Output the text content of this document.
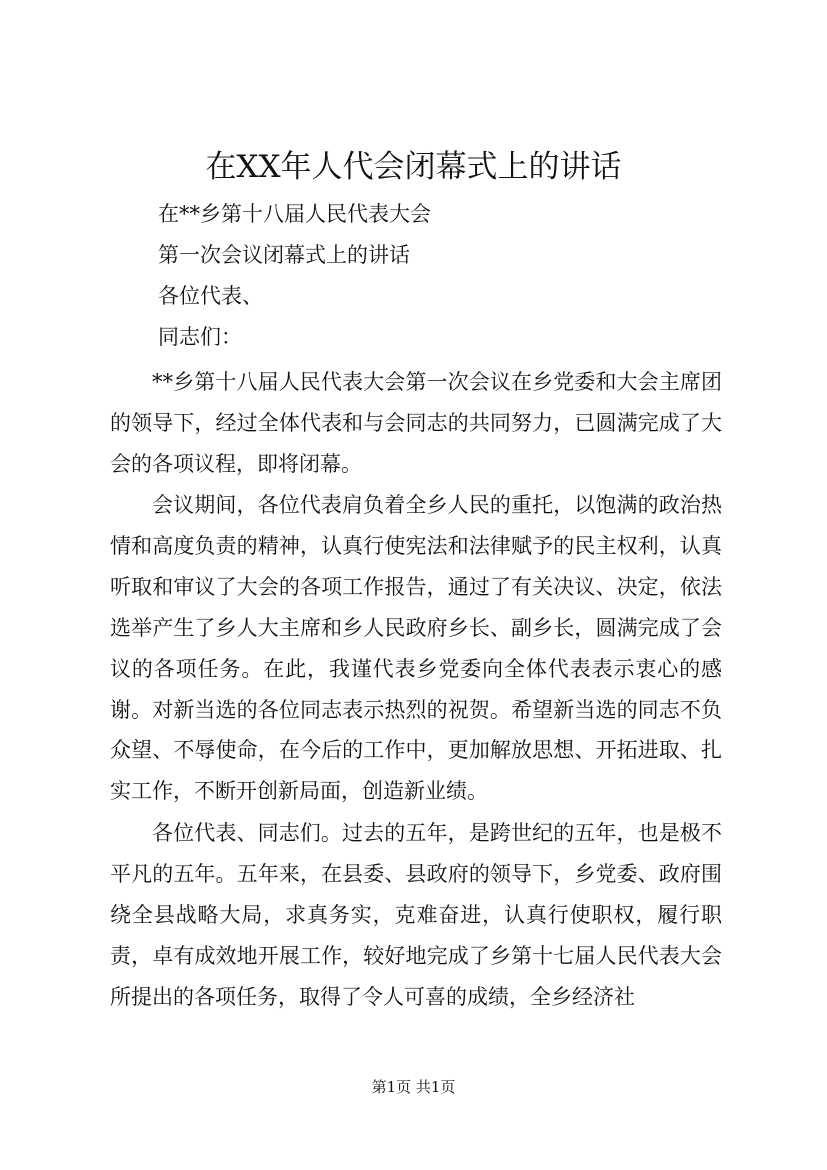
在XX年人代会闭幕式上的讲话
在**乡第十八届人民代表大会
第一次会议闭幕式上的讲话
各位代表、
同志们：
**乡第十八届人民代表大会第一次会议在乡党委和大会主席团的领导下，经过全体代表和与会同志的共同努力，已圆满完成了大会的各项议程，即将闭幕。
会议期间，各位代表肩负着全乡人民的重托，以饱满的政治热情和高度负责的精神，认真行使宪法和法律赋予的民主权利，认真听取和审议了大会的各项工作报告，通过了有关决议、决定，依法选举产生了乡人大主席和乡人民政府乡长、副乡长，圆满完成了会议的各项任务。在此，我谨代表乡党委向全体代表表示衷心的感谢。对新当选的各位同志表示热烈的祝贺。希望新当选的同志不负众望、不辱使命，在今后的工作中，更加解放思想、开拓进取、扎实工作，不断开创新局面，创造新业绩。
各位代表、同志们。过去的五年，是跨世纪的五年，也是极不平凡的五年。五年来，在县委、县政府的领导下，乡党委、政府围绕全县战略大局，求真务实，克难奋进，认真行使职权，履行职责，卓有成效地开展工作，较好地完成了乡第十七届人民代表大会所提出的各项任务，取得了令人可喜的成绩，全乡经济社
第1页 共1页
